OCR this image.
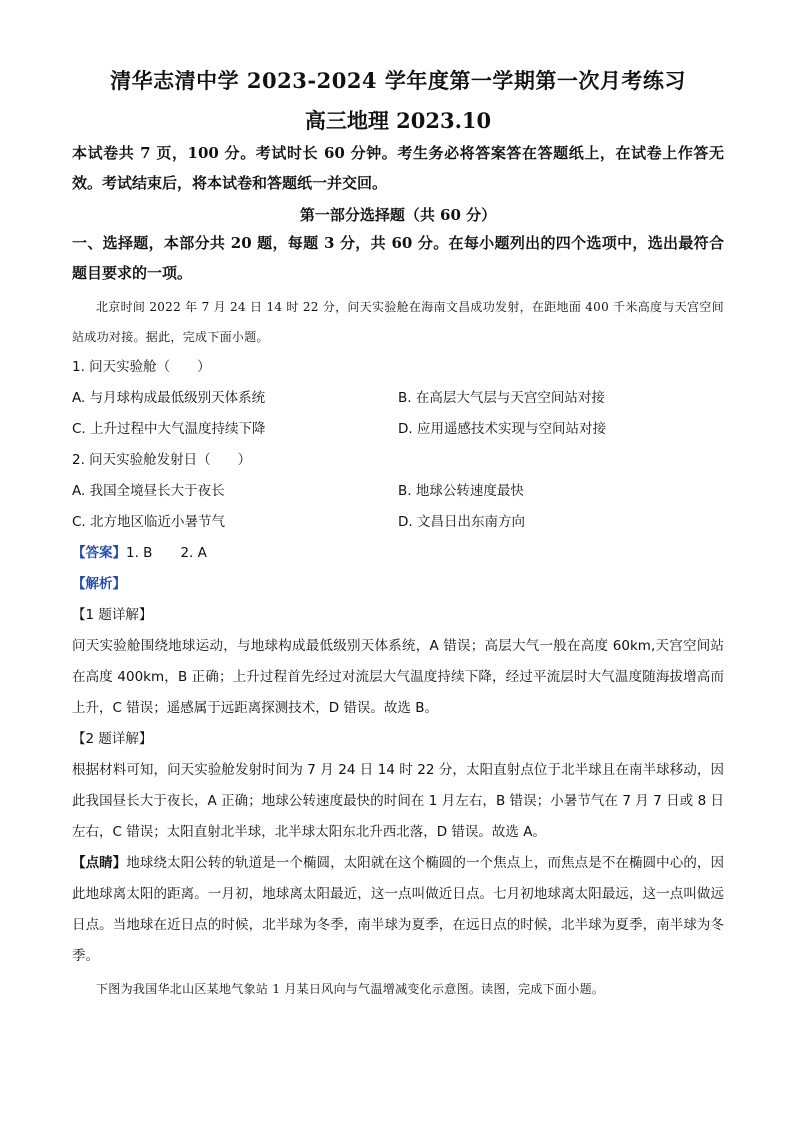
清华志清中学 2023-2024 学年度第一学期第一次月考练习
高三地理 2023.10

本试卷共 7 页，100 分。考试时长 60 分钟。考生务必将答案答在答题纸上，在试卷上作答无效。考试结束后，将本试卷和答题纸一并交回。

第一部分选择题（共 60 分）

一、选择题，本部分共 20 题，每题 3 分，共 60 分。在每小题列出的四个选项中，选出最符合题目要求的一项。

北京时间 2022 年 7 月 24 日 14 时 22 分，问天实验舱在海南文昌成功发射，在距地面 400 千米高度与天宫空间站成功对接。据此，完成下面小题。

1. 问天实验舱（　　）

A. 与月球构成最低级别天体系统	B. 在高层大气层与天宫空间站对接
C. 上升过程中大气温度持续下降	D. 应用遥感技术实现与空间站对接

2. 问天实验舱发射日（　　）

A. 我国全境昼长大于夜长	B. 地球公转速度最快
C. 北方地区临近小暑节气	D. 文昌日出东南方向

【答案】1. B 2. A

【解析】

【1 题详解】

问天实验舱围绕地球运动，与地球构成最低级别天体系统，A 错误；高层大气一般在高度 60km,天宫空间站在高度 400km，B 正确；上升过程首先经过对流层大气温度持续下降，经过平流层时大气温度随海拔增高而上升，C 错误；遥感属于远距离探测技术，D 错误。故选 B。

【2 题详解】

根据材料可知，问天实验舱发射时间为 7 月 24 日 14 时 22 分，太阳直射点位于北半球且在南半球移动，因此我国昼长大于夜长，A 正确；地球公转速度最快的时间在 1 月左右，B 错误；小暑节气在 7 月 7 日或 8 日左右，C 错误；太阳直射北半球，北半球太阳东北升西北落，D 错误。故选 A。

【点睛】地球绕太阳公转的轨道是一个椭圆，太阳就在这个椭圆的一个焦点上，而焦点是不在椭圆中心的，因此地球离太阳的距离。一月初，地球离太阳最近，这一点叫做近日点。七月初地球离太阳最远，这一点叫做远日点。当地球在近日点的时候，北半球为冬季，南半球为夏季，在远日点的时候，北半球为夏季，南半球为冬季。

下图为我国华北山区某地气象站 1 月某日风向与气温增减变化示意图。读图，完成下面小题。
